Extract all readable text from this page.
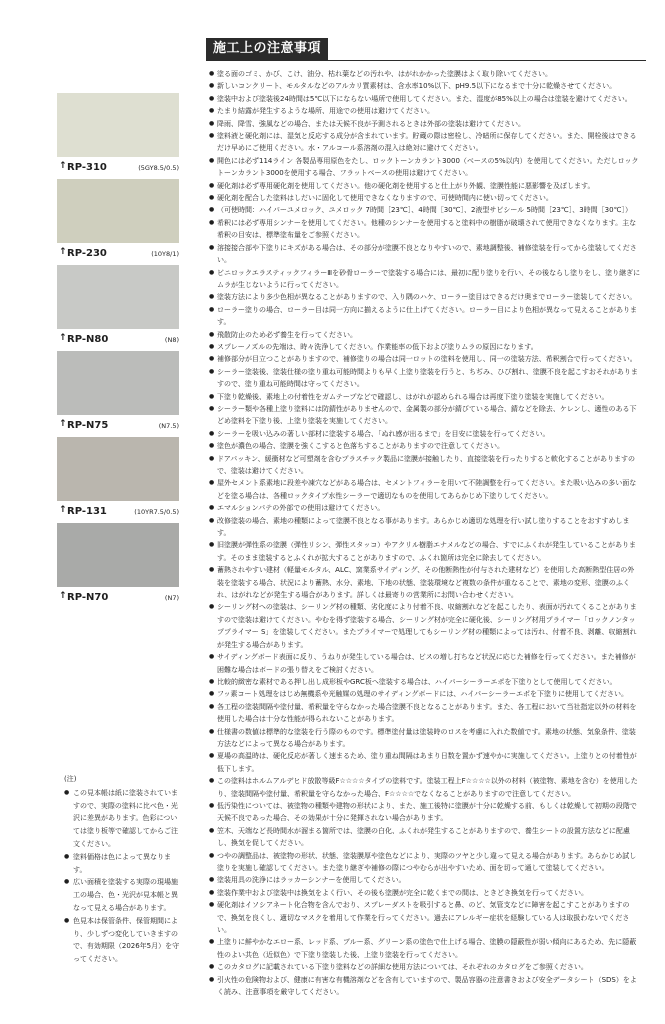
↑ RP-310	(5GY8.5/0.5)
↑ RP-230	(10Y8/1)
↑ RP-N80	(N8)
↑ RP-N75	(N7.5)
↑ RP-131	(10YR7.5/0.5)
↑ RP-N70	(N7)
(注)
● この見本帳は紙に塗装されていますので、実際の塗料に比べ色・光沢に差異があります。色彩については塗り板等で確認してからご注文ください。
● 塗料価格は色によって異なります。
● 広い面積を塗装する実際の現場施工の場合、色・光沢が見本帳と異なって見える場合があります。
● 色見本は保管条件、保管期間により、少しずつ変化していきますので、有効期限（2026年5月）を守ってください。
施工上の注意事項
● 塗る面のゴミ、かび、こけ、油分、枯れ葉などの汚れや、はがれかかった塗膜はよく取り除いてください。
● 新しいコンクリート、モルタルなどのアルカリ質素材は、含水率10%以下、pH9.5以下になるまで十分に乾燥させてください。
● 塗装中および塗装後24時間は5℃以下にならない場所で使用してください。また、湿度が85%以上の場合は塗装を避けてください。
● たまり結露が発生するような場所、用途での使用は避けてください。
● 降雨、降雪、強風などの場合、または天候不良が予測されるときは外部の塗装は避けてください。
● 塗料液と硬化剤には、湿気と反応する成分が含まれています。貯蔵の際は密栓し、冷暗所に保存してください。また、開栓後はできるだけ早めにご使用ください。水・アルコール系溶剤の混入は絶対に避けてください。
● 開色には必ず114ライン 各製品専用原色をたし、ロックトーンカラント3000（ベースの5%以内）を使用してください。ただしロックトーンカラント3000を使用する場合、フラットベースの使用は避けてください。
● 硬化剤は必ず専用硬化剤を使用してください。他の硬化剤を使用すると仕上がり外観、塗膜性能に悪影響を及ぼします。
● 硬化剤を配合した塗料はしだいに固化して使用できなくなりますので、可使時間内に使い切ってください。
● （可使時間：ハイパーユメロック、ユメロック 7時間［23℃］、4時間［30℃］、2液型サビシール 5時間［23℃］、3時間［30℃］）
● 希釈には必ず専用シンナーを使用してください。他種のシンナーを使用すると塗料中の樹脂が破壊されて使用できなくなります。主な希釈の目安は、標準塗布量をご参照ください。
● 溶接接合部や下塗りにキズがある場合は、その部分が塗膜不良となりやすいので、素地調整後、補修塗装を行ってから塗装してください。
● ビニロックエラスティックフィラーⅢを砂骨ローラーで塗装する場合には、最初に配り塗りを行い、その後ならし塗りをし、塗り継ぎにムラが生じないように行ってください。
● 塗装方法により多少色相が異なることがありますので、入り隅のハケ、ローラー塗目はできるだけ奥までローラー塗装してください。
● ローラー塗りの場合、ローラー目は同一方向に揃えるように仕上げてください。ローラー目により色相が異なって見えることがあります。
● 飛散防止のため必ず養生を行ってください。
● スプレーノズルの先端は、時々洗浄してください。作業能率の低下および塗りムラの原因になります。
● 補修部分が目立つことがありますので、補修塗りの場合は同一ロットの塗料を使用し、同一の塗装方法、希釈割合で行ってください。
● シーラー塗装後、塗装仕様の塗り重ね可能時間よりも早く上塗り塗装を行うと、ちぢみ、ひび割れ、塗膜不良を起こすおそれがありますので、塗り重ね可能時間は守ってください。
● 下塗り乾燥後、素地上の付着性をガムテープなどで確認し、はがれが認められる場合は再度下塗り塗装を実施してください。
● シーラー類や各種上塗り塗料には防錆性がありませんので、金属製の部分が錆びている場合、錆などを除去、ケレンし、適性のある下どめ塗料を下塗り後、上塗り塗装を実施してください。
● シーラーを吸い込みの著しい部材に塗装する場合、「ぬれ感が出るまで」を目安に塗装を行ってください。
● 塗色が濃色の場合、塗膜を強くこすると色落ちすることがありますので注意してください。
● ドアパッキン、緩衝材など可塑剤を含むプラスチック製品に塗膜が接触したり、直接塗装を行ったりすると軟化することがありますので、塗装は避けてください。
● 屋外セメント系素地に段差や凍穴などがある場合は、セメントフィラーを用いて不陸調整を行ってください。また吸い込みの多い面などを塗る場合は、各種ロックタイプ水性シーラーで適切なものを使用してあらかじめ下塗りしてください。
● エマルションパテの外部での使用は避けてください。
● 改修塗装の場合、素地の種類によって塗膜不良となる事があります。あらかじめ適切な処理を行い試し塗りすることをおすすめします。
● 旧塗膜が弾性系の塗膜（弾性リシン、弾性スタッコ）やアクリル樹脂エナメルなどの場合、すでにふくれが発生していることがあります。そのまま塗装するとふくれが拡大することがありますので、ふくれ箇所は完全に除去してください。
● 蓄熱されやすい建材（軽量モルタル、ALC、窯業系サイディング、その他断熱性が付与された建材など）を使用した高断熱型住居の外装を塗装する場合、状況により蓄熱、水分、素地、下地の状態、塗装環境など複数の条件が重なることで、素地の変形、塗膜のふくれ、はがれなどが発生する場合があります。詳しくは最寄りの営業所にお問い合わせください。
● シーリング材への塗装は、シーリング材の種類、劣化度により付着不良、収縮割れなどを起こしたり、表面が汚れてくることがありますので塗装は避けてください。やむを得ず塗装する場合、シーリング材が完全に硬化後、シーリング材用プライマー「ロックノンタッププライマー S」を塗装してください。またプライマーで処理してもシーリング材の種類によっては汚れ、付着不良、剥離、収縮割れが発生する場合があります。
● サイディングボード表面に反り、うねりが発生している場合は、ビスの増し打ちなど状況に応じた補修を行ってください。また補修が困難な場合はボードの張り替えをご検討ください。
● 比較的緻密な素材である押し出し成形板やGRC板へ塗装する場合は、ハイパーシーラーエポを下塗りとして使用してください。
● フッ素コート処理をはじめ無機系や光触媒の処理のサイディングボードには、ハイパーシーラーエポを下塗りに使用してください。
● 各工程の塗装間隔や塗付量、希釈量を守らなかった場合塗膜不良となることがあります。また、各工程において当社指定以外の材料を使用した場合は十分な性能が得られないことがあります。
● 仕様書の数値は標準的な塗装を行う際のものです。標準塗付量は塗装時のロスを考慮に入れた数値です。素地の状態、気象条件、塗装方法などによって異なる場合があります。
● 夏場の高温時は、硬化反応が著しく速まるため、塗り重ね間隔はあまり日数を置かず速やかに実施してください。上塗りとの付着性が低下します。
● この塗料はホルムアルデヒド放散等級F☆☆☆☆タイプの塗料です。塗装工程上F☆☆☆☆以外の材料（被塗物、素地を含む）を使用したり、塗装間隔や塗付量、希釈量を守らなかった場合、F☆☆☆☆でなくなることがありますので注意してください。
● 低汚染性については、被塗物の種類や建物の形状により、また、施工後特に塗膜が十分に乾燥する前、もしくは乾燥して初期の段階で天候不良であった場合、その効果が十分に発揮されない場合があります。
● 笠木、天端など長時間水が溜まる箇所では、塗膜の白化、ふくれが発生することがありますので、養生シートの設置方法などに配慮し、換気を促してください。
● つやの調整品は、被塗物の形状、状態、塗装膜厚や塗色などにより、実際のツヤと少し違って見える場合があります。あらかじめ試し塗りを実施し確認してください。また塗り継ぎや補修の際につやむらが出やすいため、面を切って通して塗装してください。
● 塗装用具の洗浄にはラッカーシンナーを使用してください。
● 塗装作業中および塗装中は換気をよく行い、その後も塗膜が完全に乾くまでの間は、ときどき換気を行ってください。
● 硬化剤はイソシアネート化合物を含んでおり、スプレーダストを吸引すると鼻、のど、気管支などに障害を起こすことがありますので、換気を良くし、適切なマスクを着用して作業を行ってください。過去にアレルギー症状を経験している人は取扱わないでください。
● 上塗りに鮮やかなエロー系、レッド系、ブルー系、グリーン系の塗色で仕上げる場合、塗膜の隠蔽性が弱い傾向にあるため、先に隠蔽性のよい共色（近似色）で下塗り塗装した後、上塗り塗装を行ってください。
● このカタログに記載されている下塗り塗料などの詳細な使用方法については、それぞれのカタログをご参照ください。
● 引火性の危険物および、健康に有害な有機溶剤などを含有していますので、製品容器の注意書きおよび安全データシート（SDS）をよく読み、注意事項を厳守してください。
